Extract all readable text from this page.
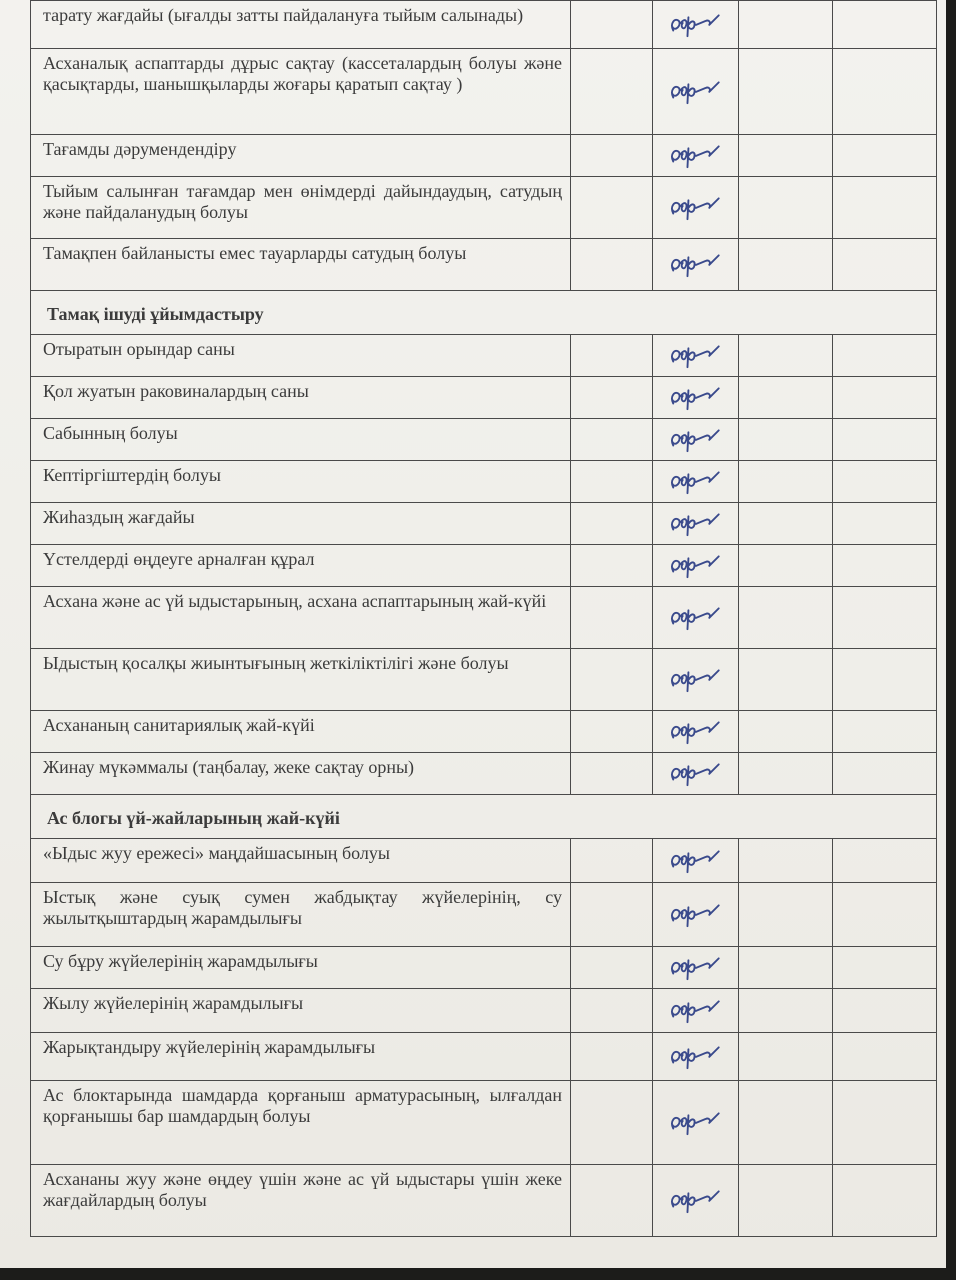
тарату жағдайы (ығалды затты пайдалануға тыйым салынады)				
Асханалық аспаптарды дұрыс сақтау (кассеталардың болуы және қасықтарды, шанышқыларды жоғары қаратып сақтау )				
Тағамды дәрумендендіру				
Тыйым салынған тағамдар мен өнімдерді дайындаудың, сатудың және пайдаланудың болуы				
Тамақпен байланысты емес тауарларды сатудың болуы				
Тамақ ішуді ұйымдастыру				
Отыратын орындар саны				
Қол жуатын раковиналардың саны				
Сабынның болуы				
Кептіргіштердің болуы				
Жиһаздың жағдайы				
Үстелдерді өңдеуге арналған құрал				
Асхана және ас үй ыдыстарының, асхана аспаптарының жай-күйі				
Ыдыстың қосалқы жиынтығының жеткіліктілігі және болуы				
Асхананың санитариялық жай-күйі				
Жинау мүкәммалы (таңбалау, жеке сақтау орны)				
Ас блогы үй-жайларының жай-күйі				
«Ыдыс жуу ережесі» маңдайшасының болуы				
Ыстық және суық сумен жабдықтау жүйелерінің, су жылытқыштардың жарамдылығы				
Су бұру жүйелерінің жарамдылығы				
Жылу жүйелерінің жарамдылығы				
Жарықтандыру жүйелерінің жарамдылығы				
Ас блоктарында шамдарда қорғаныш арматурасының, ылғалдан қорғанышы бар шамдардың болуы				
Асхананы жуу және өңдеу үшін және ас үй ыдыстары үшін жеке жағдайлардың болуы				
